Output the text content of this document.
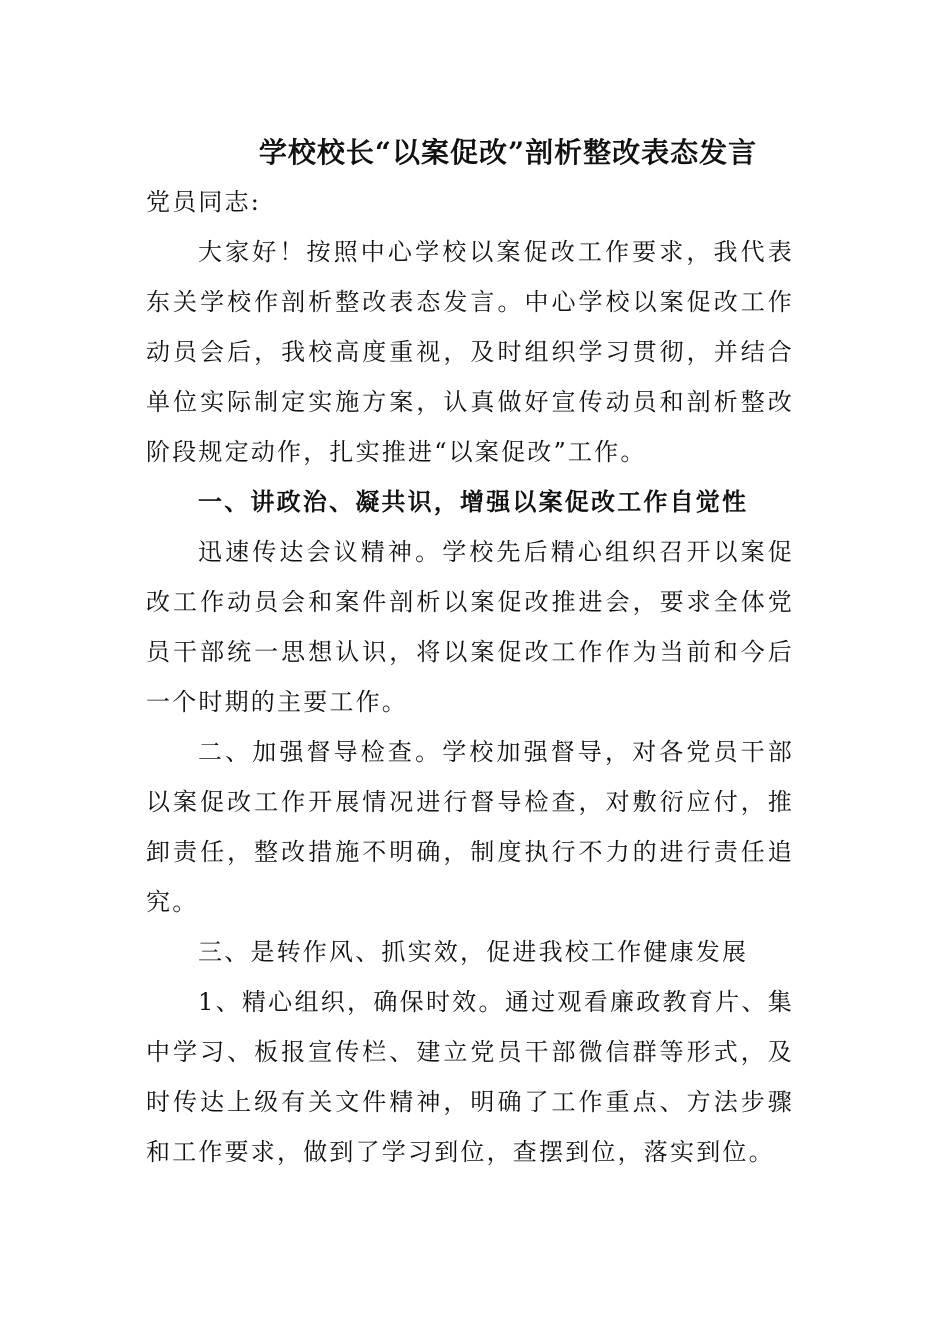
学校校长“以案促改”剖析整改表态发言

党员同志:

大家好！按照中心学校以案促改工作要求，我代表东关学校作剖析整改表态发言。中心学校以案促改工作动员会后，我校高度重视，及时组织学习贯彻，并结合单位实际制定实施方案，认真做好宣传动员和剖析整改阶段规定动作，扎实推进“以案促改”工作。

一、讲政治、凝共识，增强以案促改工作自觉性

迅速传达会议精神。学校先后精心组织召开以案促改工作动员会和案件剖析以案促改推进会，要求全体党员干部统一思想认识，将以案促改工作作为当前和今后一个时期的主要工作。

二、加强督导检查。学校加强督导，对各党员干部以案促改工作开展情况进行督导检查，对敷衍应付，推卸责任，整改措施不明确，制度执行不力的进行责任追究。

三、是转作风、抓实效，促进我校工作健康发展

1、精心组织，确保时效。通过观看廉政教育片、集中学习、板报宣传栏、建立党员干部微信群等形式，及时传达上级有关文件精神，明确了工作重点、方法步骤和工作要求，做到了学习到位，查摆到位，落实到位。
